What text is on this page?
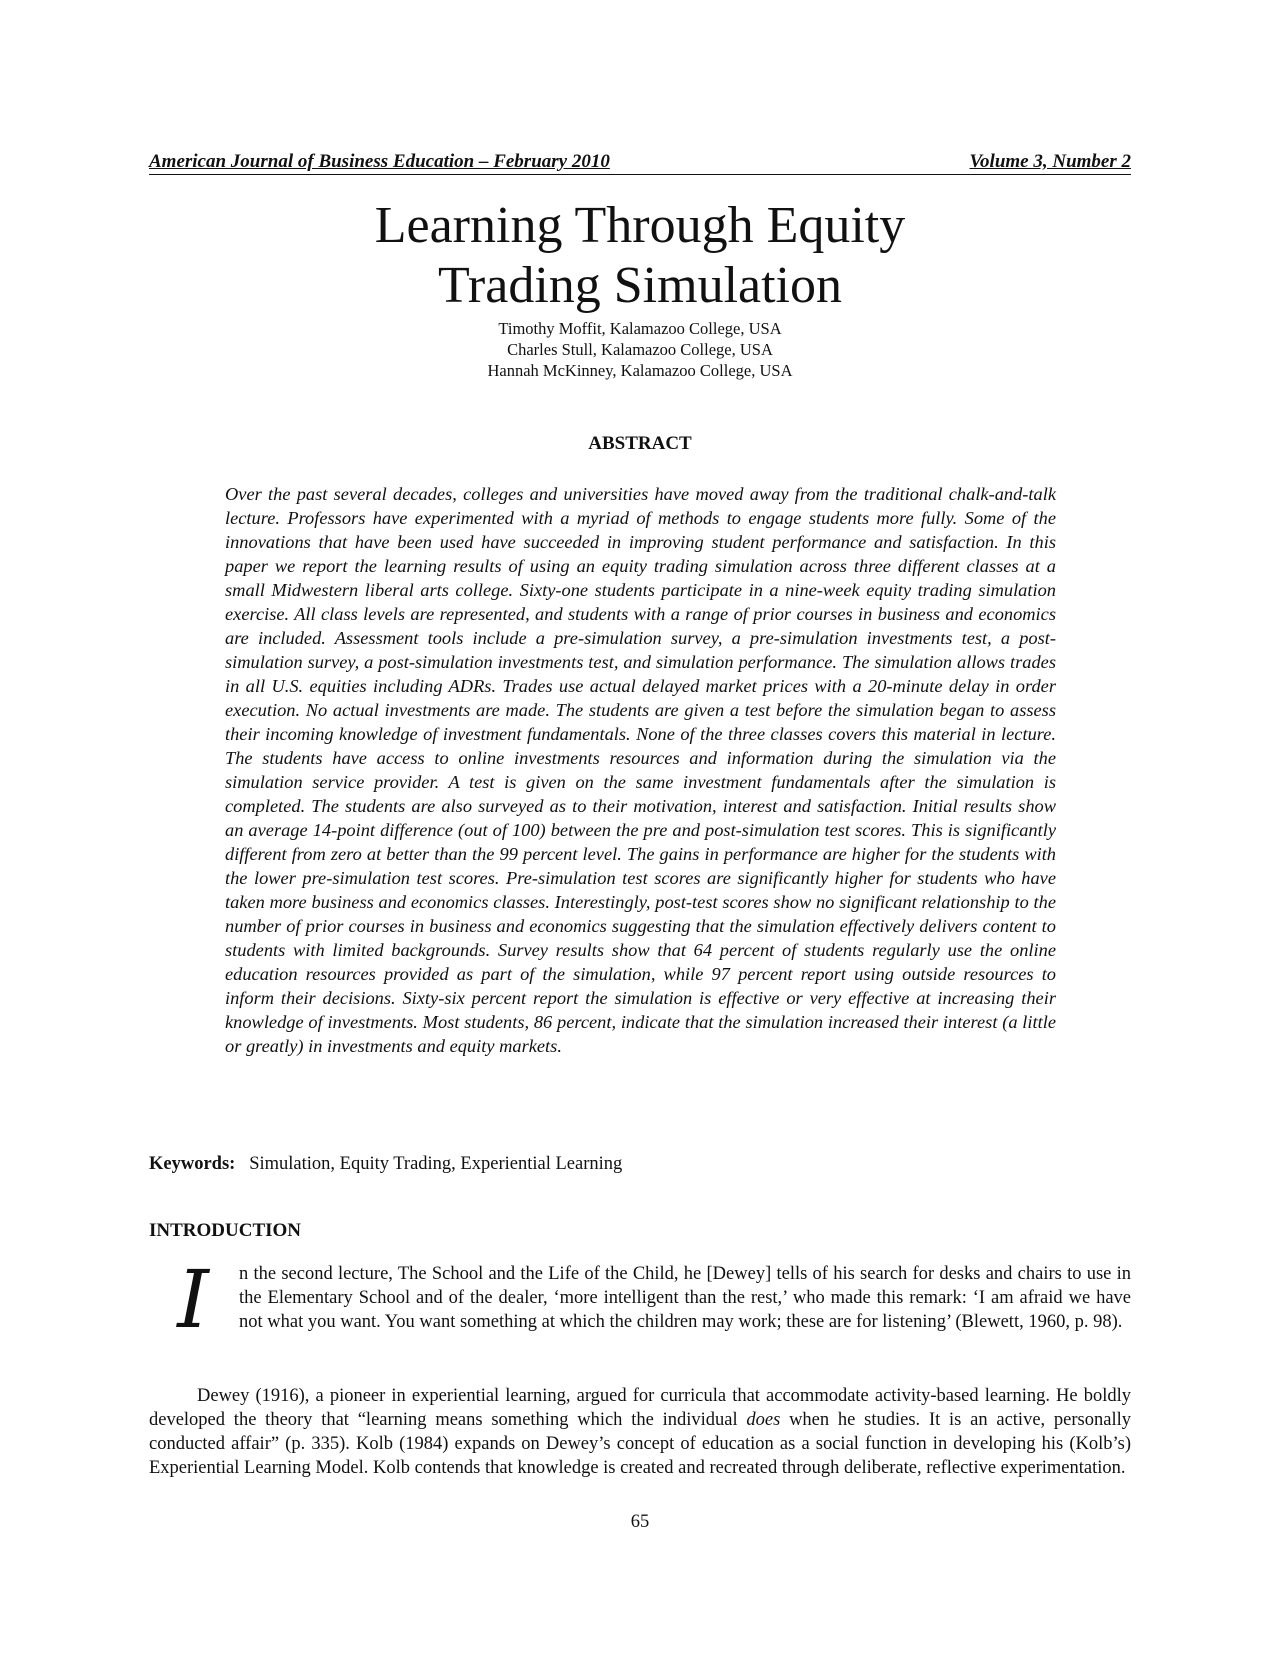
American Journal of Business Education – February 2010	Volume 3, Number 2
Learning Through Equity
Trading Simulation
Timothy Moffit, Kalamazoo College, USA
Charles Stull, Kalamazoo College, USA
Hannah McKinney, Kalamazoo College, USA
ABSTRACT
Over the past several decades, colleges and universities have moved away from the traditional chalk-and-talk lecture. Professors have experimented with a myriad of methods to engage students more fully. Some of the innovations that have been used have succeeded in improving student performance and satisfaction. In this paper we report the learning results of using an equity trading simulation across three different classes at a small Midwestern liberal arts college. Sixty-one students participate in a nine-week equity trading simulation exercise. All class levels are represented, and students with a range of prior courses in business and economics are included. Assessment tools include a pre-simulation survey, a pre-simulation investments test, a post-simulation survey, a post-simulation investments test, and simulation performance. The simulation allows trades in all U.S. equities including ADRs. Trades use actual delayed market prices with a 20-minute delay in order execution. No actual investments are made. The students are given a test before the simulation began to assess their incoming knowledge of investment fundamentals. None of the three classes covers this material in lecture. The students have access to online investments resources and information during the simulation via the simulation service provider. A test is given on the same investment fundamentals after the simulation is completed. The students are also surveyed as to their motivation, interest and satisfaction. Initial results show an average 14-point difference (out of 100) between the pre and post-simulation test scores. This is significantly different from zero at better than the 99 percent level. The gains in performance are higher for the students with the lower pre-simulation test scores. Pre-simulation test scores are significantly higher for students who have taken more business and economics classes. Interestingly, post-test scores show no significant relationship to the number of prior courses in business and economics suggesting that the simulation effectively delivers content to students with limited backgrounds. Survey results show that 64 percent of students regularly use the online education resources provided as part of the simulation, while 97 percent report using outside resources to inform their decisions. Sixty-six percent report the simulation is effective or very effective at increasing their knowledge of investments. Most students, 86 percent, indicate that the simulation increased their interest (a little or greatly) in investments and equity markets.
Keywords: Simulation, Equity Trading, Experiential Learning
INTRODUCTION
I	n the second lecture, The School and the Life of the Child, he [Dewey] tells of his search for desks and chairs to use in the Elementary School and of the dealer, ‘more intelligent than the rest,’ who made this remark: ‘I am afraid we have not what you want. You want something at which the children may work; these are for listening’ (Blewett, 1960, p. 98).
Dewey (1916), a pioneer in experiential learning, argued for curricula that accommodate activity-based learning. He boldly developed the theory that “learning means something which the individual does when he studies. It is an active, personally conducted affair” (p. 335). Kolb (1984) expands on Dewey’s concept of education as a social function in developing his (Kolb’s) Experiential Learning Model. Kolb contends that knowledge is created and recreated through deliberate, reflective experimentation.
65
